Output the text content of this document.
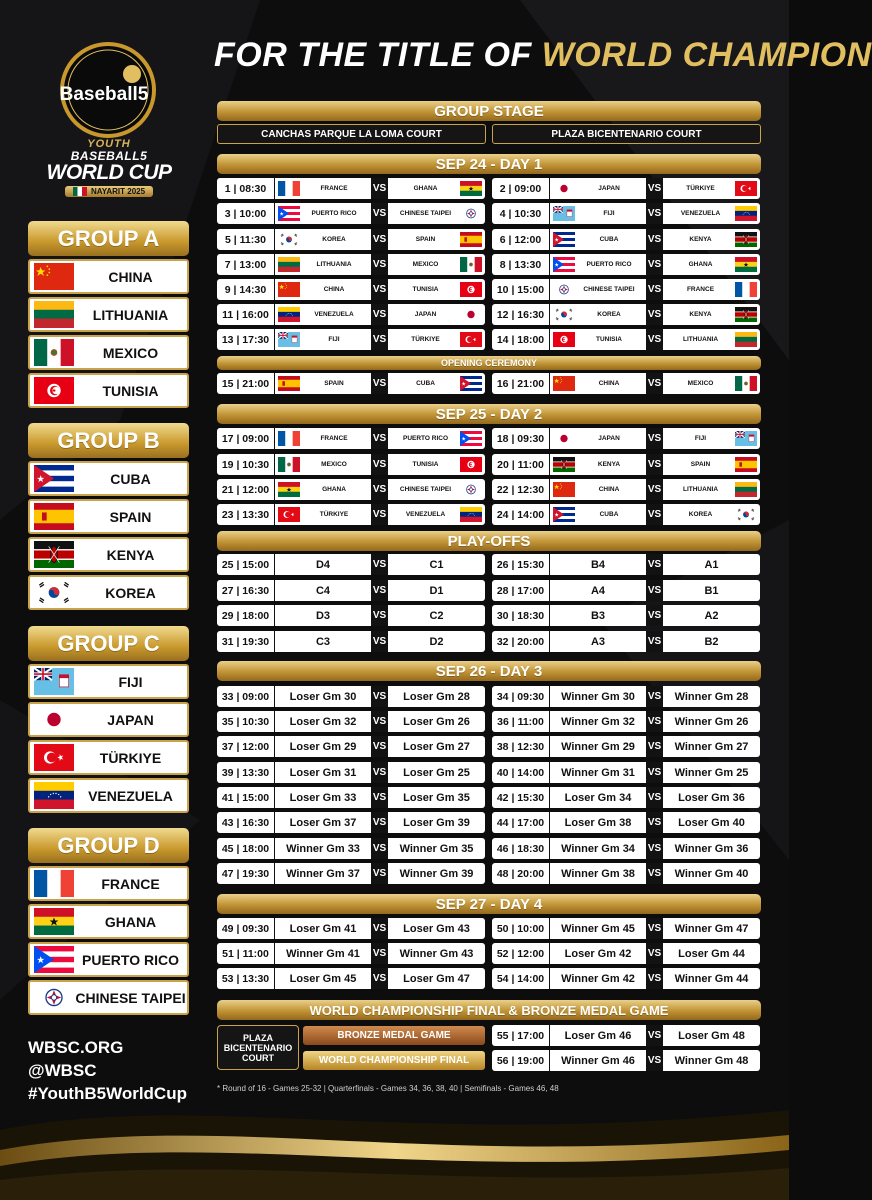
Baseball5
YOUTH
BASEBALL5
WORLD CUP
NAYARIT 2025
FOR THE TITLE OF WORLD CHAMPION
GROUP A
CHINA
LITHUANIA
MEXICO
TUNISIA
GROUP B
CUBA
SPAIN
KENYA
KOREA
GROUP C
FIJI
JAPAN
TÜRKIYE
VENEZUELA
GROUP D
FRANCE
GHANA
PUERTO RICO
CHINESE TAIPEI
WBSC.ORG
@WBSC
#YouthB5WorldCup
GROUP STAGE
CANCHAS PARQUE LA LOMA COURT	PLAZA BICENTENARIO COURT
SEP 24 - DAY 1
OPENING CEREMONY
SEP 25 - DAY 2
PLAY-OFFS
SEP 26 - DAY 3
SEP 27 - DAY 4
WORLD CHAMPIONSHIP FINAL & BRONZE MEDAL GAME
1 | 08:30	FRANCE	VS	GHANA	2 | 09:00	JAPAN	VS	TÜRKIYE
3 | 10:00	PUERTO RICO VS CHINESE TAIPEI	4 | 10:30	FIJI	VS	VENEZUELA
5 | 11:30	KOREA	VS	SPAIN	6 | 12:00	CUBA	VS	KENYA
7 | 13:00	LITHUANIA VS	MEXICO	8 | 13:30	PUERTO RICO VS	GHANA
9 | 14:30	CHINA	VS	TUNISIA	10 | 15:00	CHINESE TAIPEI VS	FRANCE
11 | 16:00	VENEZUELA VS	JAPAN	12 | 16:30	KOREA	VS	KENYA
13 | 17:30	FIJI	VS	TÜRKIYE	14 | 18:00	TUNISIA	VS	LITHUANIA
15 | 21:00	SPAIN	VS	CUBA	16 | 21:00	CHINA	VS	MEXICO
17 | 09:00	FRANCE	VS	PUERTO RICO	18 | 09:30	JAPAN	VS	FIJI
19 | 10:30	MEXICO	VS	TUNISIA	20 | 11:00	KENYA	VS	SPAIN
21 | 12:00	GHANA	VS CHINESE TAIPEI	22 | 12:30	CHINA	VS	LITHUANIA
23 | 13:30	TÜRKIYE VS	VENEZUELA	24 | 14:00	CUBA	VS	KOREA
25 | 15:00	D4	VS	C1	26 | 15:30	B4	VS	A1
27 | 16:30	C4	VS	D1	28 | 17:00	A4	VS	B1
29 | 18:00	D3	VS	C2	30 | 18:30	B3	VS	A2
31 | 19:30	C3	VS	D2	32 | 20:00	A3	VS	B2
33 | 09:00	Loser Gm 30 VS Loser Gm 28	34 | 09:30	Winner Gm 30 VS Winner Gm 28
35 | 10:30	Loser Gm 32 VS Loser Gm 26	36 | 11:00	Winner Gm 32 VS Winner Gm 26
37 | 12:00	Loser Gm 29 VS Loser Gm 27	38 | 12:30	Winner Gm 29 VS Winner Gm 27
39 | 13:30	Loser Gm 31 VS Loser Gm 25	40 | 14:00	Winner Gm 31 VS Winner Gm 25
41 | 15:00	Loser Gm 33 VS Loser Gm 35	42 | 15:30	Loser Gm 34 VS Loser Gm 36
43 | 16:30	Loser Gm 37 VS Loser Gm 39	44 | 17:00	Loser Gm 38 VS Loser Gm 40
45 | 18:00	Winner Gm 33 VS Winner Gm 35	46 | 18:30	Winner Gm 34 VS Winner Gm 36
47 | 19:30	Winner Gm 37 VS Winner Gm 39	48 | 20:00	Winner Gm 38 VS Winner Gm 40
49 | 09:30	Loser Gm 41 VS Loser Gm 43	50 | 10:00	Winner Gm 45 VS Winner Gm 47
51 | 11:00	Winner Gm 41 VS Winner Gm 43	52 | 12:00	Loser Gm 42 VS Loser Gm 44
53 | 13:30	Loser Gm 45 VS Loser Gm 47	54 | 14:00	Winner Gm 42 VS Winner Gm 44
55 | 17:00	Loser Gm 46 VS Loser Gm 48
56 | 19:00	Winner Gm 46 VS Winner Gm 48
PLAZA BICENTENARIO COURT
BRONZE MEDAL GAME
WORLD CHAMPIONSHIP FINAL
* Round of 16 - Games 25-32 | Quarterfinals - Games 34, 36, 38, 40 | Semifinals - Games 46, 48
